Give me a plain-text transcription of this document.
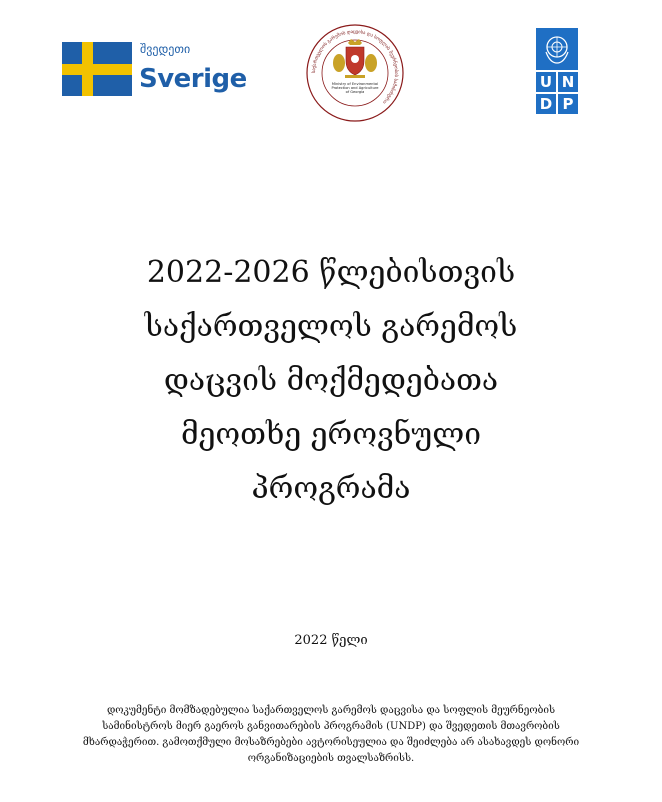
შვედეთი
Sverige	საქართველოს გარემოს დაცვისა და სოფლის მეურნეობის სამინისტრო
Ministry of Environmental
Protection and Agriculture
of Georgia
U N
D P
2022-2026 წლებისთვის
საქართველოს გარემოს
დაცვის მოქმედებათა
მეოთხე ეროვნული
პროგრამა
2022 წელი
დოკუმენტი მომზადებულია საქართველოს გარემოს დაცვისა და სოფლის მეურნეობის
სამინისტროს მიერ გაეროს განვითარების პროგრამის (UNDP) და შვედეთის მთავრობის
მხარდაჭერით. გამოთქმული მოსაზრებები ავტორისეულია და შეიძლება არ ასახავდეს დონორი
ორგანიზაციების თვალსაზრისს.
